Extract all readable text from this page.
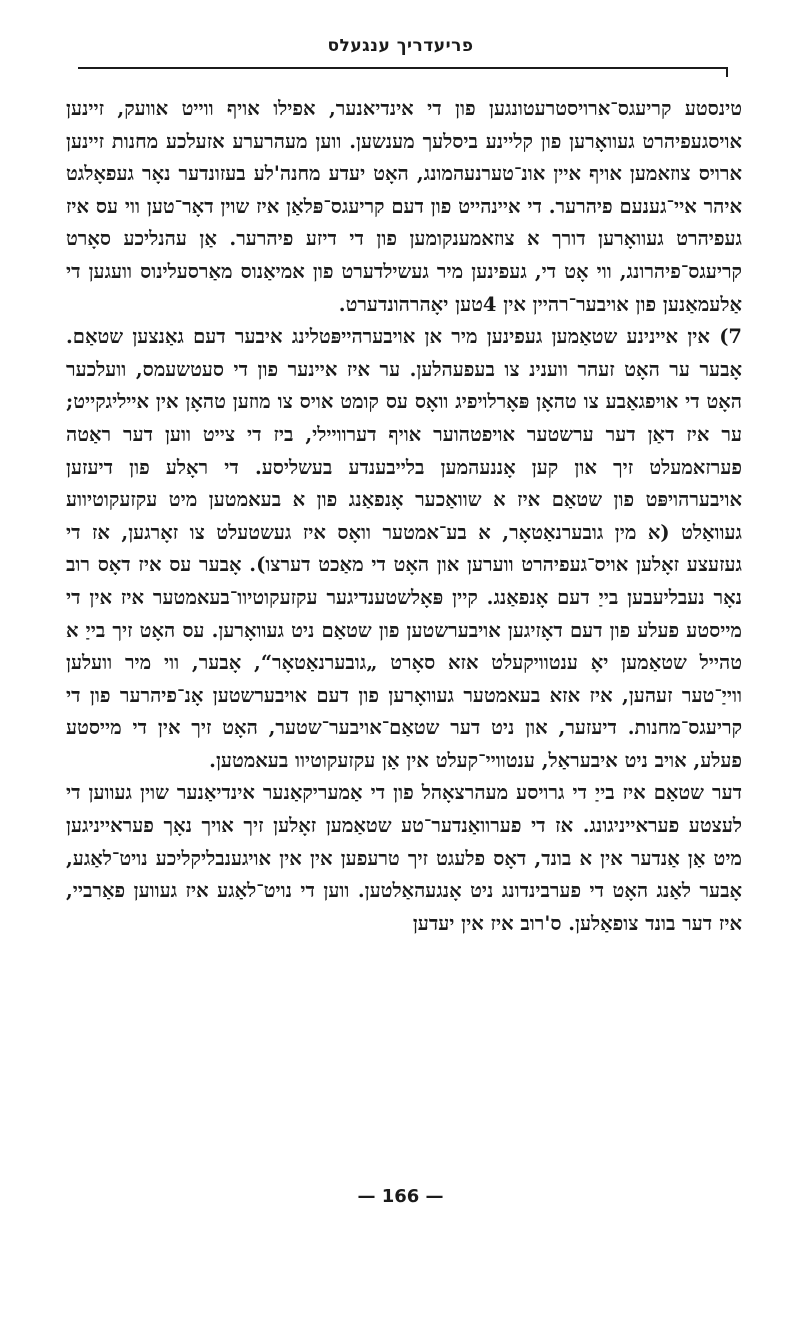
פריעדריך ענגעלס

טינסטע קריעגס־ארויסטרעטונגען פון די אינדיאנער, אפילו אויף ווייט אוועק, זיינען אויסגעפיהרט געוואָרען פון קליינע ביסלעך מענשען. ווען מעהרערע אזעלכע מחנות זיינען ארויס צוזאמען אויף איין אונ־טערנעהמונג, האָט יעדע מחנה'לע בעזונדער נאָר געפאָלגט איהר איי־גענעם פיהרער. די איינהייט פון דעם קריעגס־פּלאַן איז שוין דאָר־טען ווי עס איז געפיהרט געוואָרען דורך א צוזאמענקומען פון די דיזע פיהרער. אַן עהנליכע סאָרט קריעגס־פיהרונג, ווי אָט די, געפינען מיר געשילדערט פון אמיאַנוס מאַרסעלינוס וועגען די אַלעמאַנען פון אויבער־רהיין אין 4טען יאָהרהונדערט.

7) אין איינינע שטאַמען געפינען מיר אן אויבערהייפּטלינג איבער דעם גאַנצען שטאַם. אָבער ער האָט זעהר ווענינ צו בעפעהלען. ער איז איינער פון די סעטשעמס, וועלכער האָט די אויפגאַבע צו טהאָן פּאָרלויפיג וואָס עס קומט אויס צו מוזען טהאָן אין אייליגקייט; ער איז דאַן דער ערשטער אויפטהוער אויף דערוויילי, ביז די צייט ווען דער ראַטה פערזאמעלט זיך און קען אָננעהמען בלייבענדע בעשליסע. די ראָלע פון דיעזען אויבערהויפּט פון שטאַם איז א שוואַכער אָנפאַנג פון א בעאמטען מיט עקזעקוטיווע געוואַלט (א מין גובערנאַטאָר, א בע־אמטער וואָס איז געשטעלט צו זאָרגען, אז די געזעצע זאָלען אויס־געפיהרט ווערען און האָט די מאַכט דערצו). אָבער עס איז דאָס רוב נאָר נעבליעבען בייַ דעם אָנפאַנג. קיין פּאָלשטענדיגער עקזעקוטיוו־בעאמטער איז אין די מייסטע פעלע פון דעם דאָזיגען אויבערשטען פון שטאַם ניט געוואָרען. עס האָט זיך בייַ א טהייל שטאַמען יאָ ענטוויקעלט אזא סאָרט „גובערנאַטאָר“, אָבער, ווי מיר וועלען ווייַ־טער זעהען, איז אזא בעאמטער געוואָרען פון דעם אויבערשטען אָנ־פיהרער פון די קריעגס־מחנות. דיעזער, און ניט דער שטאַם־אויבער־שטער, האָט זיך אין די מייסטע פעלע, אויב ניט איבעראַל, ענטוויי־קעלט אין אַן עקזעקוטיוו בעאמטען.

דער שטאַם איז בייַ די גרויסע מעהרצאָהל פון די אַמעריקאַנער אינדיאַנער שוין געווען די לעצטע פעראייניגונג. אז די פערוואַנדער־טע שטאַמען זאָלען זיך אויך נאָך פעראייניגען מיט אַן אַנדער אין א בונד, דאָס פלעגט זיך טרעפען אין אין אויגענבליקליכע נויט־לאַגע, אָבער לאַנג האָט די פערבינדונג ניט אָנגעהאַלטען. ווען די נויט־לאַגע איז געווען פאַרביי, איז דער בונד צופאַלען. ס'רוב איז אין יעדען

— 166 —
